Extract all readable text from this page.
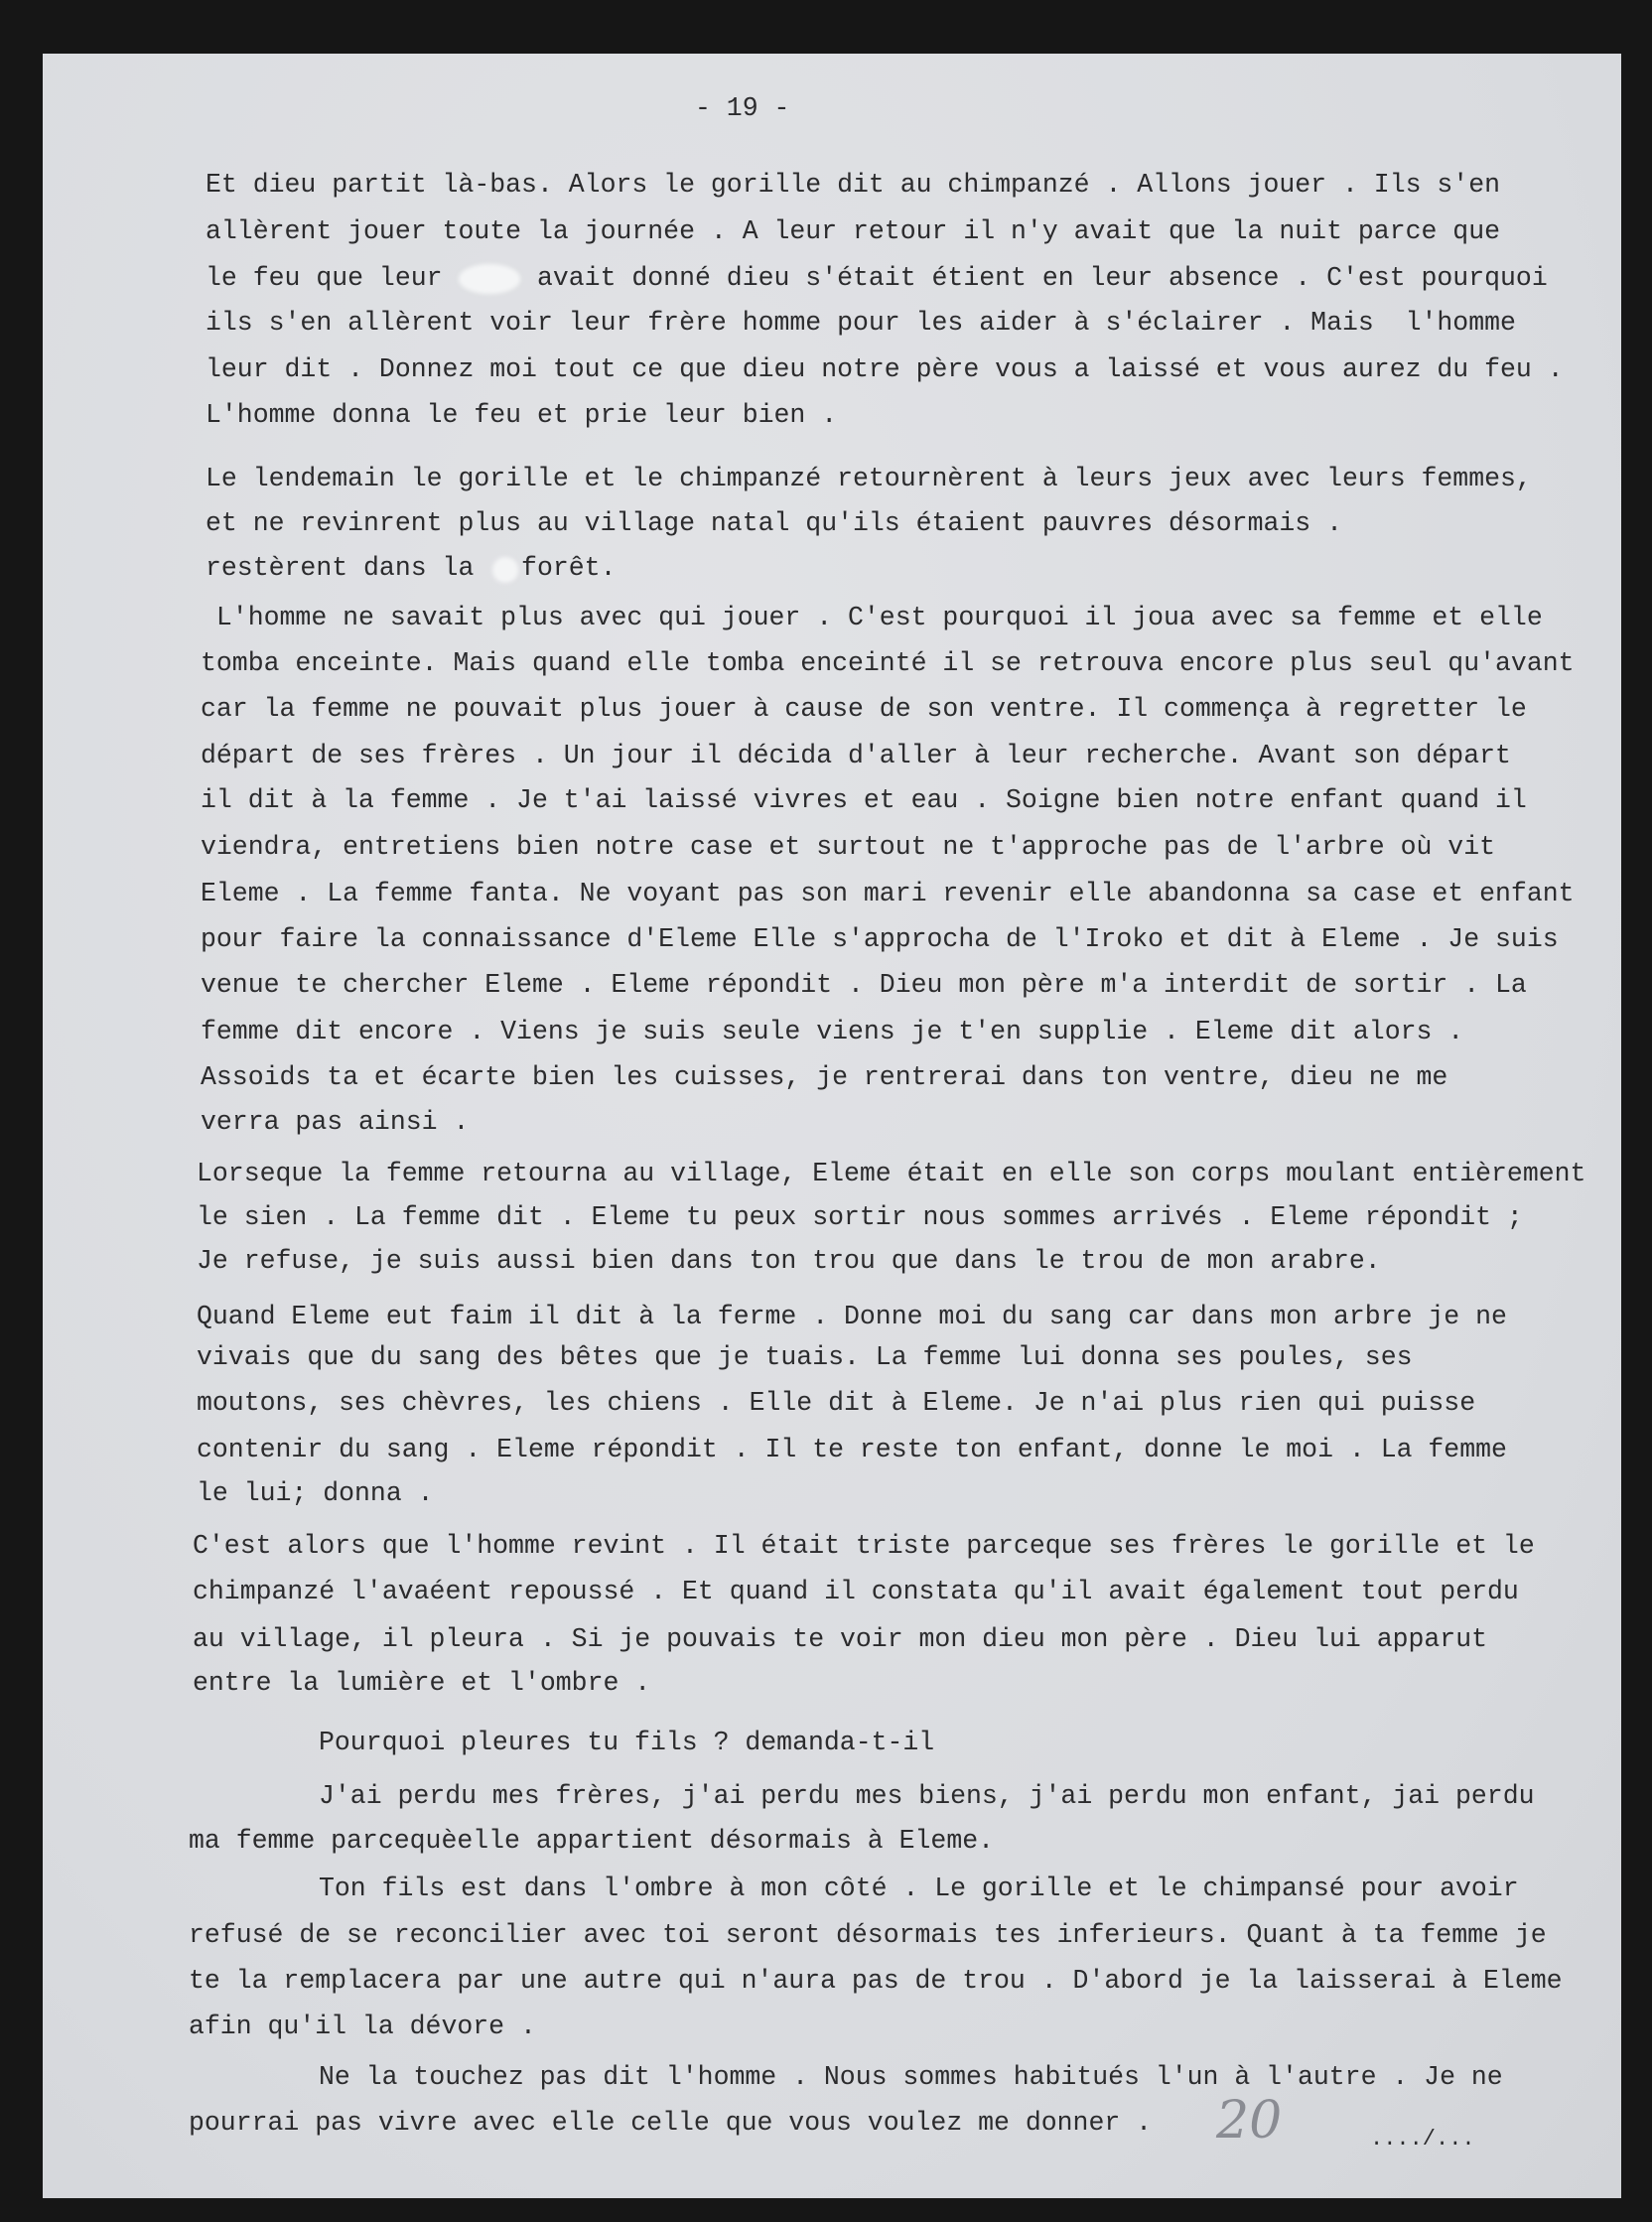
- 19 -
Et dieu partit là-bas. Alors le gorille dit au chimpanzé . Allons jouer . Ils s'en
allèrent jouer toute la journée . A leur retour il n'y avait que la nuit parce que
le feu que leur      avait donné dieu s'était étient en leur absence . C'est pourquoi
ils s'en allèrent voir leur frère homme pour les aider à s'éclairer . Mais  l'homme
leur dit . Donnez moi tout ce que dieu notre père vous a laissé et vous aurez du feu .
L'homme donna le feu et prie leur bien .
Le lendemain le gorille et le chimpanzé retournèrent à leurs jeux avec leurs femmes,
et ne revinrent plus au village natal qu'ils étaient pauvres désormais .
restèrent dans la   forêt.
L'homme ne savait plus avec qui jouer . C'est pourquoi il joua avec sa femme et elle
tomba enceinte. Mais quand elle tomba enceinté il se retrouva encore plus seul qu'avant
car la femme ne pouvait plus jouer à cause de son ventre. Il commença à regretter le
départ de ses frères . Un jour il décida d'aller à leur recherche. Avant son départ
il dit à la femme . Je t'ai laissé vivres et eau . Soigne bien notre enfant quand il
viendra, entretiens bien notre case et surtout ne t'approche pas de l'arbre où vit
Eleme . La femme fanta. Ne voyant pas son mari revenir elle abandonna sa case et enfant
pour faire la connaissance d'Eleme Elle s'approcha de l'Iroko et dit à Eleme . Je suis
venue te chercher Eleme . Eleme répondit . Dieu mon père m'a interdit de sortir . La
femme dit encore . Viens je suis seule viens je t'en supplie . Eleme dit alors .
Assoids ta et écarte bien les cuisses, je rentrerai dans ton ventre, dieu ne me
verra pas ainsi .
Lorseque la femme retourna au village, Eleme était en elle son corps moulant entièrement
le sien . La femme dit . Eleme tu peux sortir nous sommes arrivés . Eleme répondit ;
Je refuse, je suis aussi bien dans ton trou que dans le trou de mon arabre.
Quand Eleme eut faim il dit à la ferme . Donne moi du sang car dans mon arbre je ne
vivais que du sang des bêtes que je tuais. La femme lui donna ses poules, ses
moutons, ses chèvres, les chiens . Elle dit à Eleme. Je n'ai plus rien qui puisse
contenir du sang . Eleme répondit . Il te reste ton enfant, donne le moi . La femme
le lui; donna .
C'est alors que l'homme revint . Il était triste parceque ses frères le gorille et le
chimpanzé l'avaéent repoussé . Et quand il constata qu'il avait également tout perdu
au village, il pleura . Si je pouvais te voir mon dieu mon père . Dieu lui apparut
entre la lumière et l'ombre .
Pourquoi pleures tu fils ? demanda-t-il
J'ai perdu mes frères, j'ai perdu mes biens, j'ai perdu mon enfant, jai perdu
ma femme parcequèelle appartient désormais à Eleme.
Ton fils est dans l'ombre à mon côté . Le gorille et le chimpansé pour avoir
refusé de se reconcilier avec toi seront désormais tes inferieurs. Quant à ta femme je
te la remplacera par une autre qui n'aura pas de trou . D'abord je la laisserai à Eleme
afin qu'il la dévore .
Ne la touchez pas dit l'homme . Nous sommes habitués l'un à l'autre . Je ne
pourrai pas vivre avec elle celle que vous voulez me donner . 20	..../...
